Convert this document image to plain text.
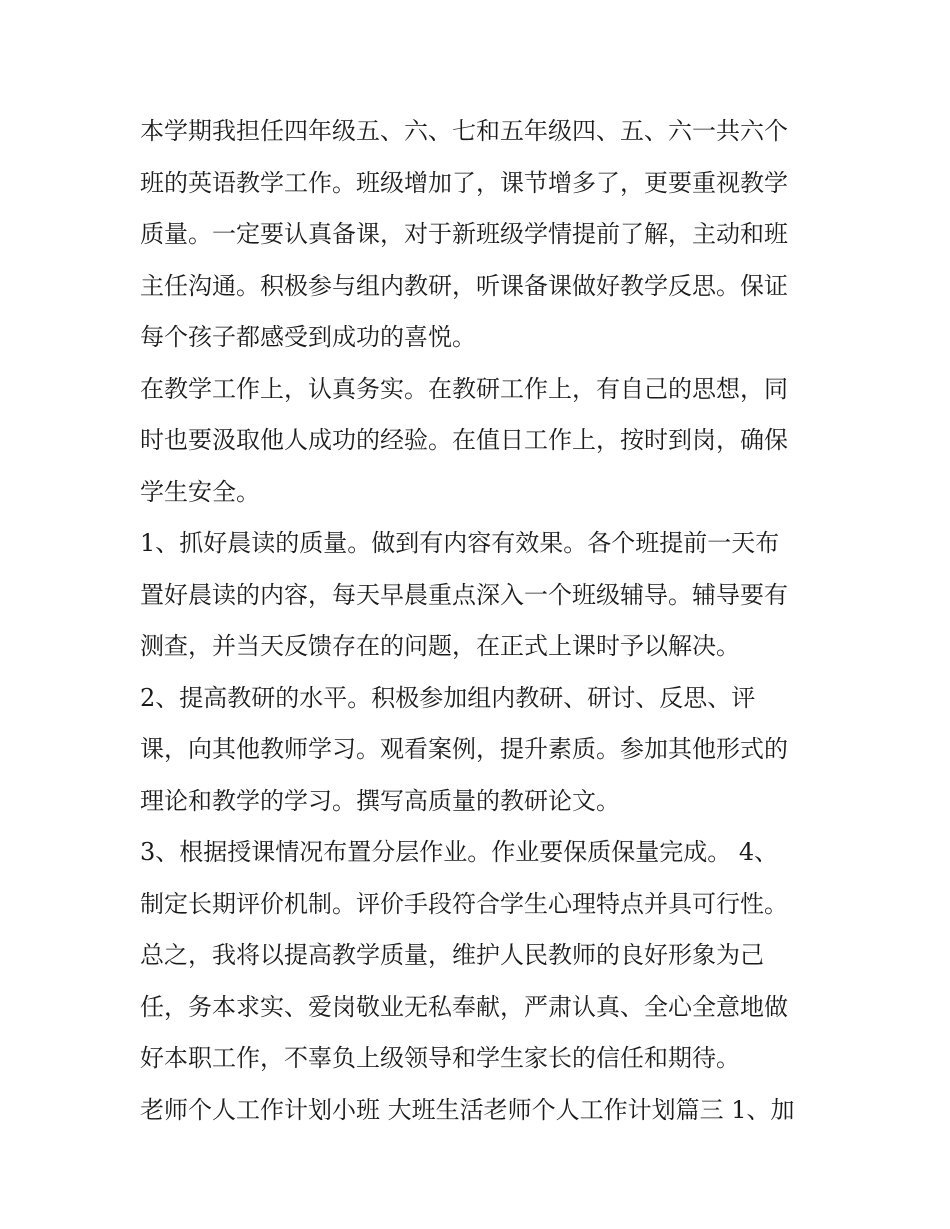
本学期我担任四年级五、六、七和五年级四、五、六一共六个
班的英语教学工作。班级增加了，课节增多了，更要重视教学
质量。一定要认真备课，对于新班级学情提前了解，主动和班
主任沟通。积极参与组内教研，听课备课做好教学反思。保证
每个孩子都感受到成功的喜悦。
在教学工作上，认真务实。在教研工作上，有自己的思想，同
时也要汲取他人成功的经验。在值日工作上，按时到岗，确保
学生安全。
1、抓好晨读的质量。做到有内容有效果。各个班提前一天布
置好晨读的内容，每天早晨重点深入一个班级辅导。辅导要有
测查，并当天反馈存在的问题，在正式上课时予以解决。
2、提高教研的水平。积极参加组内教研、研讨、反思、评
课，向其他教师学习。观看案例，提升素质。参加其他形式的
理论和教学的学习。撰写高质量的教研论文。
3、根据授课情况布置分层作业。作业要保质保量完成。 4、
制定长期评价机制。评价手段符合学生心理特点并具可行性。
总之，我将以提高教学质量，维护人民教师的良好形象为己
任，务本求实、爱岗敬业无私奉献，严肃认真、全心全意地做
好本职工作，不辜负上级领导和学生家长的信任和期待。
老师个人工作计划小班 大班生活老师个人工作计划篇三 1、加
